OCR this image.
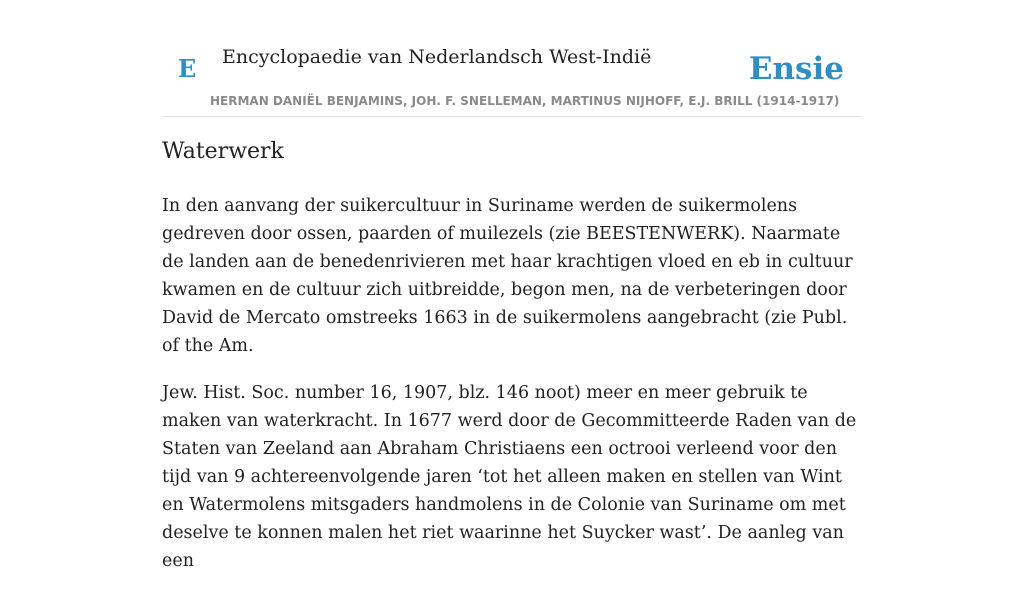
E Encyclopaedie van Nederlandsch West-Indië	Ensie
HERMAN DANIËL BENJAMINS, JOH. F. SNELLEMAN, MARTINUS NIJHOFF, E.J. BRILL (1914-1917)
Waterwerk

In den aanvang der suikercultuur in Suriname werden de suikermolens gedreven door ossen, paarden of muilezels (zie BEESTENWERK). Naarmate de landen aan de benedenrivieren met haar krachtigen vloed en eb in cultuur kwamen en de cultuur zich uitbreidde, begon men, na de verbeteringen door David de Mercato omstreeks 1663 in de suikermolens aangebracht (zie Publ. of the Am.

Jew. Hist. Soc. number 16, 1907, blz. 146 noot) meer en meer gebruik te maken van waterkracht. In 1677 werd door de Gecommitteerde Raden van de Staten van Zeeland aan Abraham Christiaens een octrooi verleend voor den tijd van 9 achtereenvolgende jaren ‘tot het alleen maken en stellen van Wint en Watermolens mitsgaders handmolens in de Colonie van Suriname om met deselve te konnen malen het riet waarinne het Suycker wast’. De aanleg van een
